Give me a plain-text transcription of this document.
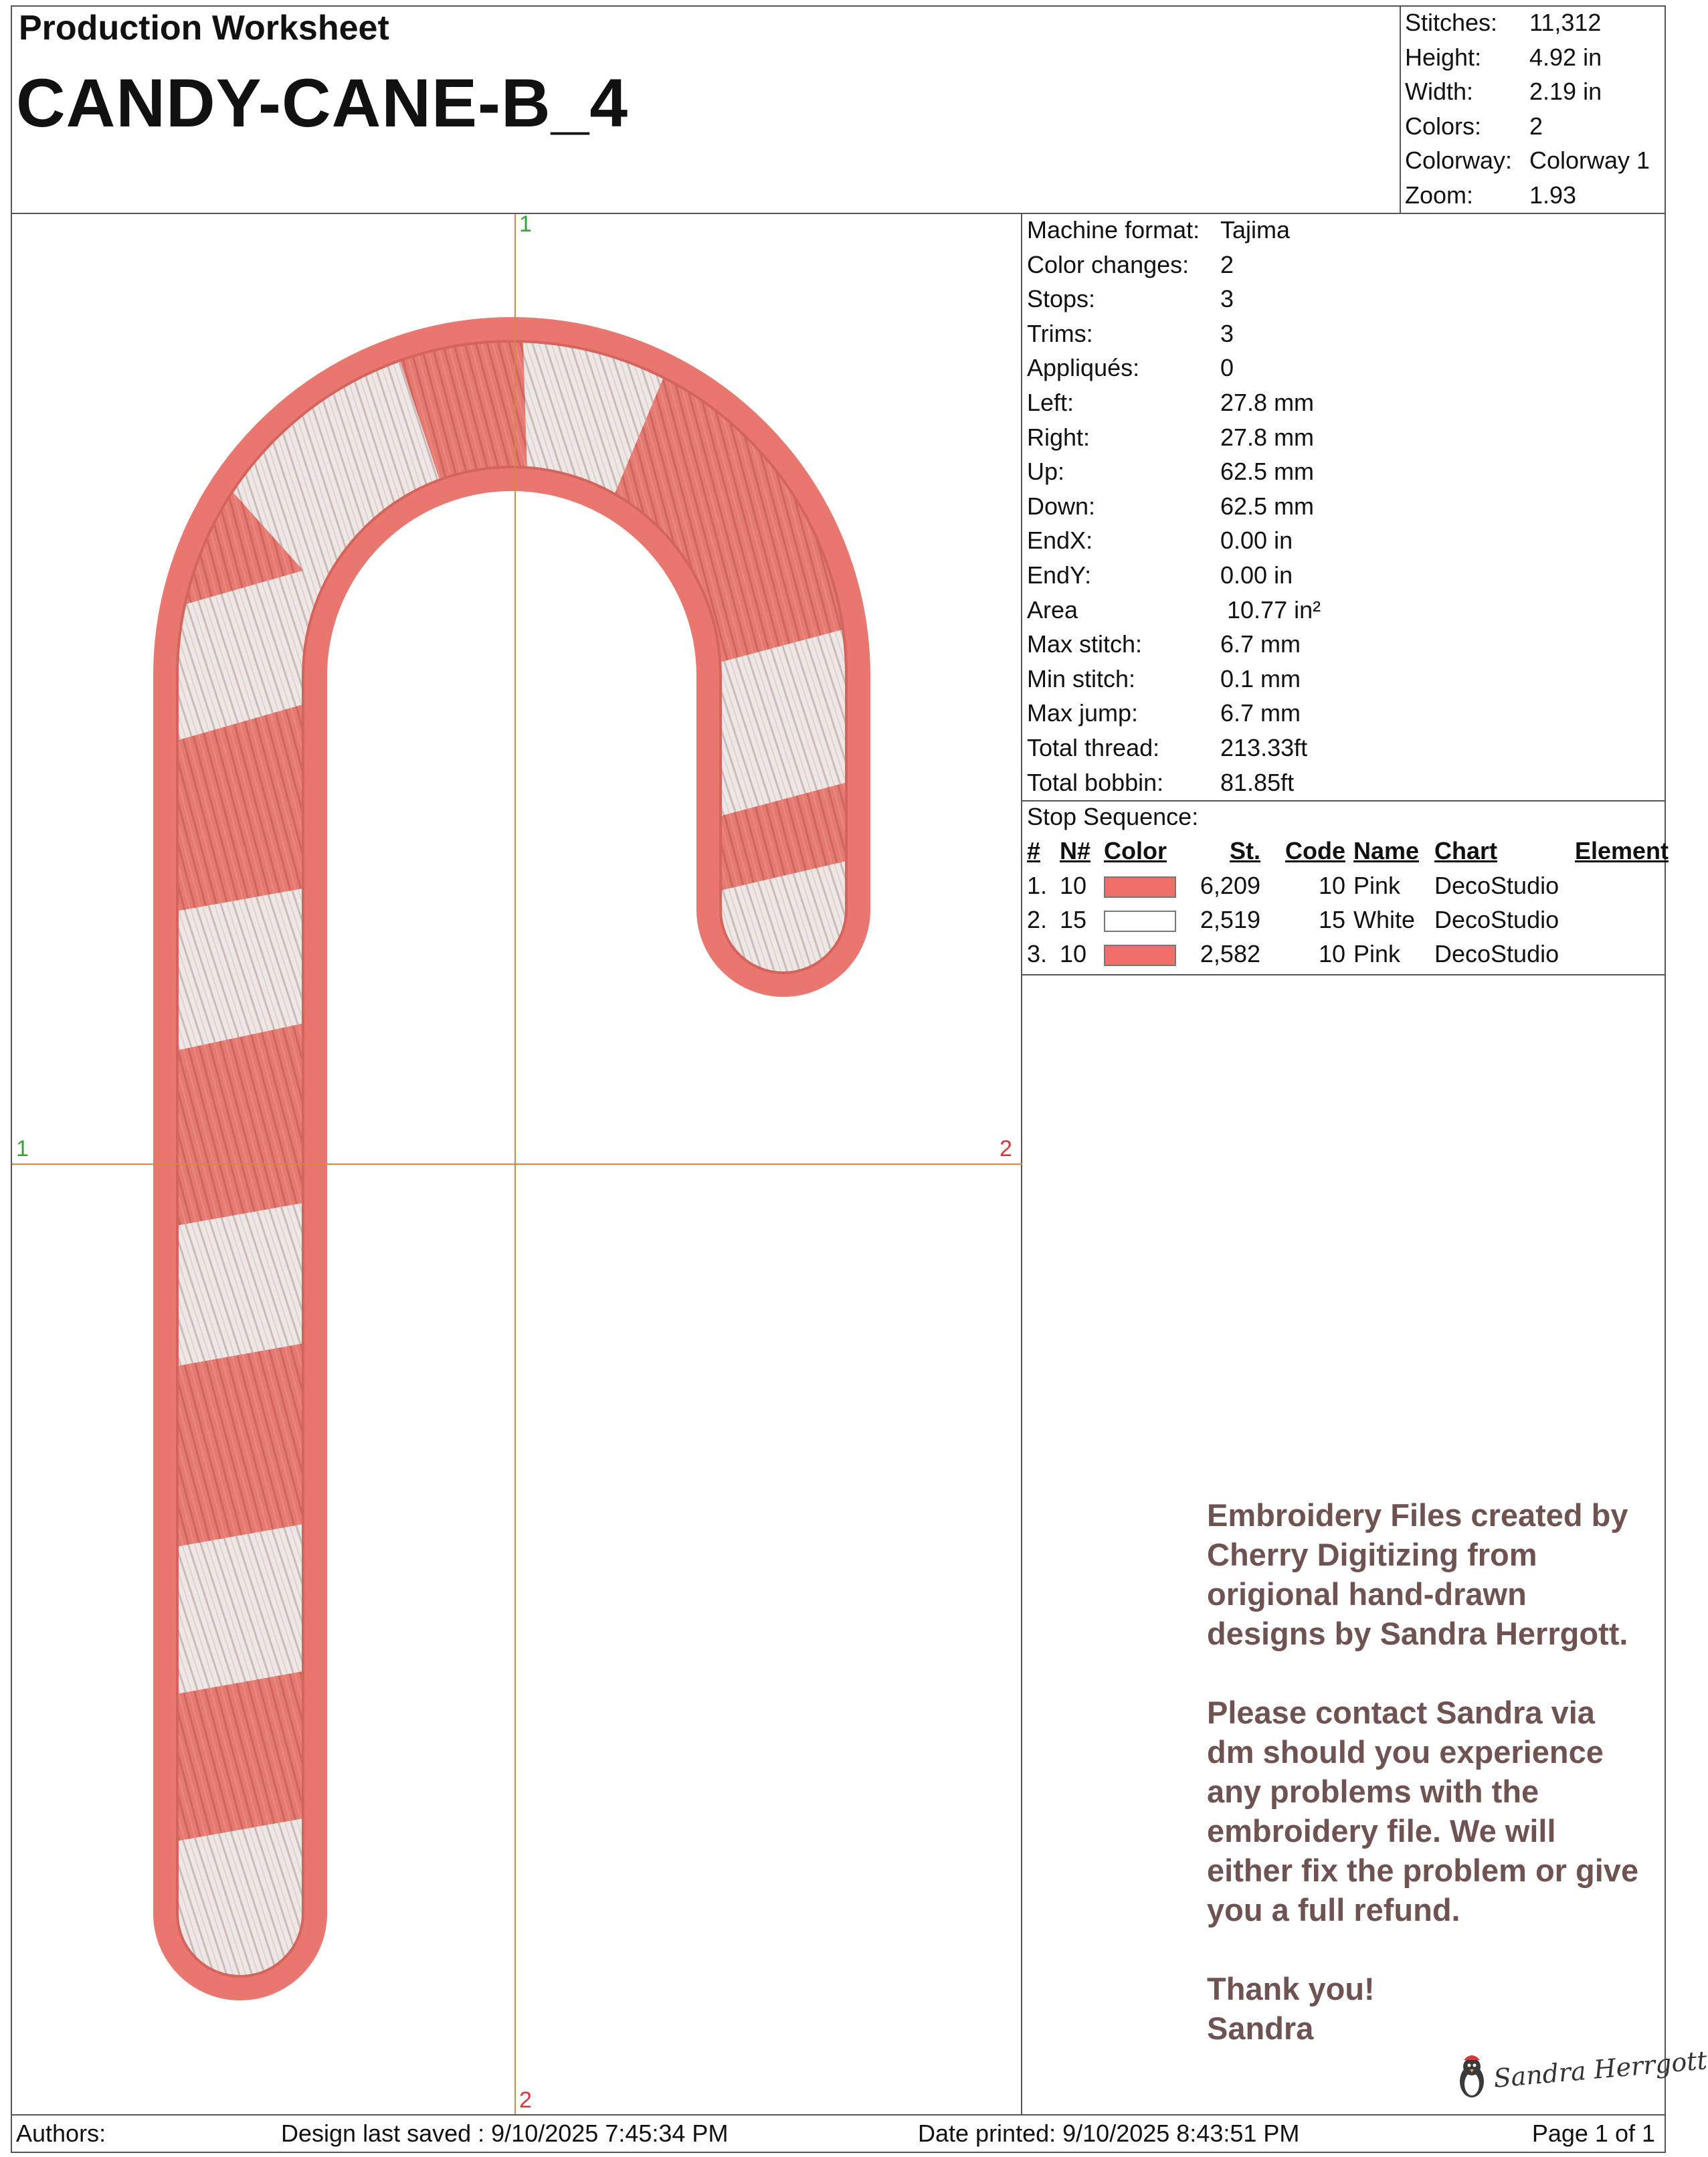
Production Worksheet
CANDY-CANE-B_4
Stitches:	11,312
Height:	4.92 in
Width:	2.19 in
Colors:	2
Colorway: Colorway 1
Zoom:	1.93
Machine format: Tajima
Color changes:	2
Stops:	3
Trims:	3
Appliqués:	0
Left:	27.8 mm
Right:	27.8 mm
Up:	62.5 mm
Down:	62.5 mm
EndX:	0.00 in
EndY:	0.00 in
Area	10.77 in²
Max stitch:	6.7 mm
Min stitch:	0.1 mm
Max jump:	6.7 mm
Total thread:	213.33ft
Total bobbin:	81.85ft
Stop Sequence:
#	N#	Color	St.	Code	Name	Chart	Element
1.	10		6,209	10	Pink	DecoStudio	
2.	15		2,519	15	White	DecoStudio	
3.	10		2,582	10	Pink	DecoStudio	
1
2
1	2

Embroidery Files created by Cherry Digitizing from origional hand-drawn designs by Sandra Herrgott.

Please contact Sandra via dm should you experience any problems with the embroidery file. We will either fix the problem or give you a full refund.

Thank you!
Sandra

Sandra Herrgott
Authors:	Design last saved : 9/10/2025 7:45:34 PM	Date printed: 9/10/2025 8:43:51 PM	Page 1 of 1
